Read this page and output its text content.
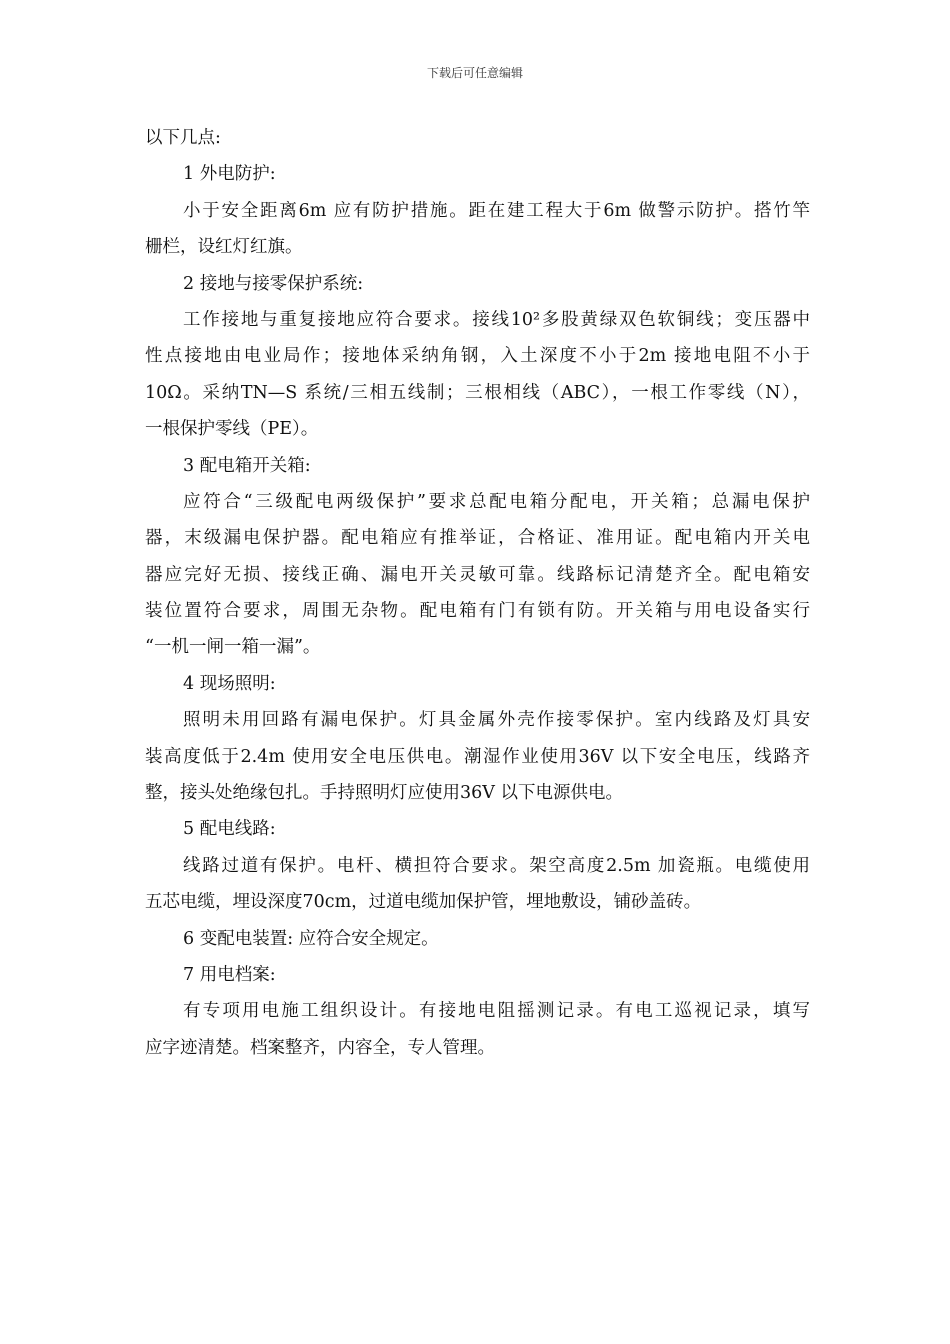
下载后可任意编辑
以下几点:
1 外电防护:
小于安全距离6m 应有防护措施。距在建工程大于6m 做警示防护。搭竹竿
栅栏，设红灯红旗。
2 接地与接零保护系统:
工作接地与重复接地应符合要求。接线10²多股黄绿双色软铜线；变压器中
性点接地由电业局作；接地体采纳角钢，入土深度不小于2m 接地电阻不小于
10Ω。采纳TN—S 系统/三相五线制；三根相线（ABC），一根工作零线（N），
一根保护零线（PE）。
3 配电箱开关箱:
应符合“三级配电两级保护”要求总配电箱分配电，开关箱；总漏电保护
器，末级漏电保护器。配电箱应有推举证，合格证、准用证。配电箱内开关电
器应完好无损、接线正确、漏电开关灵敏可靠。线路标记清楚齐全。配电箱安
装位置符合要求，周围无杂物。配电箱有门有锁有防。开关箱与用电设备实行
“一机一闸一箱一漏”。
4 现场照明:
照明未用回路有漏电保护。灯具金属外壳作接零保护。室内线路及灯具安
装高度低于2.4m 使用安全电压供电。潮湿作业使用36V 以下安全电压，线路齐
整，接头处绝缘包扎。手持照明灯应使用36V 以下电源供电。
5 配电线路:
线路过道有保护。电杆、横担符合要求。架空高度2.5m 加瓷瓶。电缆使用
五芯电缆，埋设深度70cm，过道电缆加保护管，埋地敷设，铺砂盖砖。
6 变配电装置: 应符合安全规定。
7 用电档案:
有专项用电施工组织设计。有接地电阻摇测记录。有电工巡视记录，填写
应字迹清楚。档案整齐，内容全，专人管理。
